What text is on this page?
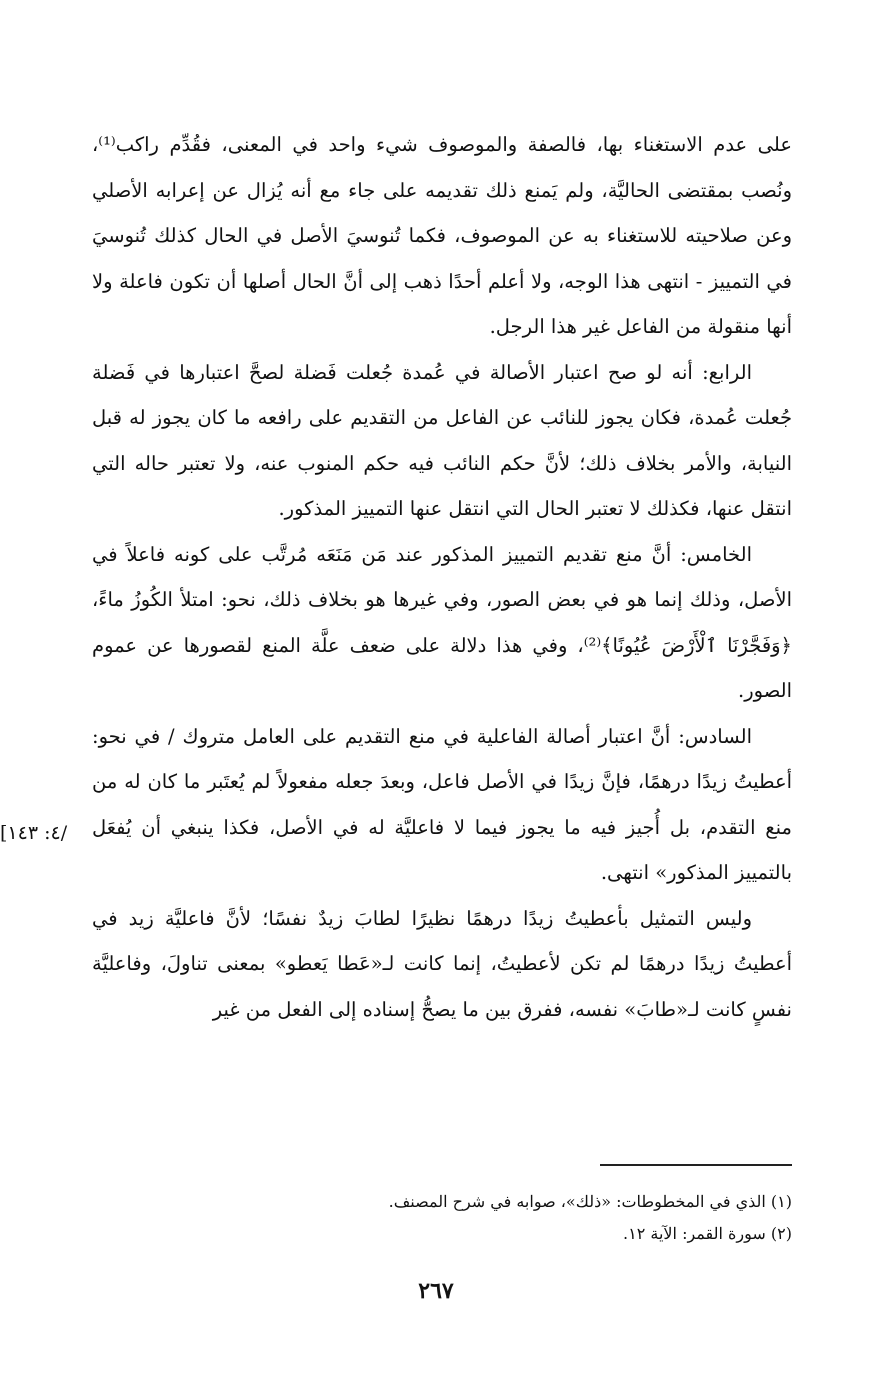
[٤: ١٤٣/

على عدم الاستغناء بها، فالصفة والموصوف شيء واحد في المعنى، فقُدِّم راكب⁽¹⁾، ونُصب بمقتضى الحاليَّة، ولم يَمنع ذلك تقديمه على جاء مع أنه يُزال عن إعرابه الأصلي وعن صلاحيته للاستغناء به عن الموصوف، فكما تُنوسيَ الأصل في الحال كذلك تُنوسيَ في التمييز - انتهى هذا الوجه، ولا أعلم أحدًا ذهب إلى أنَّ الحال أصلها أن تكون فاعلة ولا أنها منقولة من الفاعل غير هذا الرجل.

الرابع: أنه لو صح اعتبار الأصالة في عُمدة جُعلت فَضلة لصحَّ اعتبارها في فَضلة جُعلت عُمدة، فكان يجوز للنائب عن الفاعل من التقديم على رافعه ما كان يجوز له قبل النيابة، والأمر بخلاف ذلك؛ لأنَّ حكم النائب فيه حكم المنوب عنه، ولا تعتبر حاله التي انتقل عنها، فكذلك لا تعتبر الحال التي انتقل عنها التمييز المذكور.

الخامس: أنَّ منع تقديم التمييز المذكور عند مَن مَنَعَه مُرتَّب على كونه فاعلاً في الأصل، وذلك إنما هو في بعض الصور، وفي غيرها هو بخلاف ذلك، نحو: امتلأ الكُوزُ ماءً، ﴿وَفَجَّرْنَا ٱلْأَرْضَ عُيُونًا﴾⁽²⁾، وفي هذا دلالة على ضعف علَّة المنع لقصورها عن عموم الصور.

السادس: أنَّ اعتبار أصالة الفاعلية في منع التقديم على العامل متروك / في نحو: أعطيتُ زيدًا درهمًا، فإنَّ زيدًا في الأصل فاعل، وبعدَ جعله مفعولاً لم يُعتَبر ما كان له من منع التقدم، بل أُجيز فيه ما يجوز فيما لا فاعليَّة له في الأصل، فكذا ينبغي أن يُفعَل بالتمييز المذكور» انتهى.

وليس التمثيل بأعطيتُ زيدًا درهمًا نظيرًا لطابَ زيدٌ نفسًا؛ لأنَّ فاعليَّة زيد في أعطيتُ زيدًا درهمًا لم تكن لأعطيتُ، إنما كانت لـ«عَطا يَعطو» بمعنى تناولَ، وفاعليَّة نفسٍ كانت لـ«طابَ» نفسه، ففرق بين ما يصحُّ إسناده إلى الفعل من غير

(١) الذي في المخطوطات: «ذلك»، صوابه في شرح المصنف.

(٢) سورة القمر: الآية ١٢.

٢٦٧
